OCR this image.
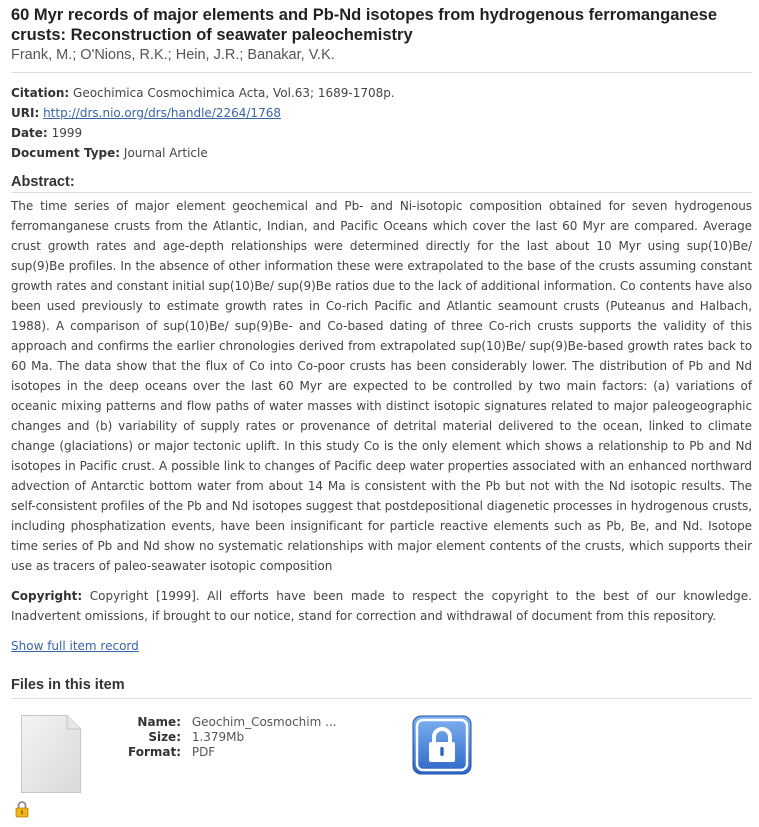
60 Myr records of major elements and Pb-Nd isotopes from hydrogenous ferromanganese crusts: Reconstruction of seawater paleochemistry
Frank, M.; O'Nions, R.K.; Hein, J.R.; Banakar, V.K.
Citation: Geochimica Cosmochimica Acta, Vol.63; 1689-1708p.
URI: http://drs.nio.org/drs/handle/2264/1768
Date: 1999
Document Type: Journal Article
Abstract:
The time series of major element geochemical and Pb- and Ni-isotopic composition obtained for seven hydrogenous ferromanganese crusts from the Atlantic, Indian, and Pacific Oceans which cover the last 60 Myr are compared. Average crust growth rates and age-depth relationships were determined directly for the last about 10 Myr using sup(10)Be/ sup(9)Be profiles. In the absence of other information these were extrapolated to the base of the crusts assuming constant growth rates and constant initial sup(10)Be/ sup(9)Be ratios due to the lack of additional information. Co contents have also been used previously to estimate growth rates in Co-rich Pacific and Atlantic seamount crusts (Puteanus and Halbach, 1988). A comparison of sup(10)Be/ sup(9)Be- and Co-based dating of three Co-rich crusts supports the validity of this approach and confirms the earlier chronologies derived from extrapolated sup(10)Be/ sup(9)Be-based growth rates back to 60 Ma. The data show that the flux of Co into Co-poor crusts has been considerably lower. The distribution of Pb and Nd isotopes in the deep oceans over the last 60 Myr are expected to be controlled by two main factors: (a) variations of oceanic mixing patterns and flow paths of water masses with distinct isotopic signatures related to major paleogeographic changes and (b) variability of supply rates or provenance of detrital material delivered to the ocean, linked to climate change (glaciations) or major tectonic uplift. In this study Co is the only element which shows a relationship to Pb and Nd isotopes in Pacific crust. A possible link to changes of Pacific deep water properties associated with an enhanced northward advection of Antarctic bottom water from about 14 Ma is consistent with the Pb but not with the Nd isotopic results. The self-consistent profiles of the Pb and Nd isotopes suggest that postdepositional diagenetic processes in hydrogenous crusts, including phosphatization events, have been insignificant for particle reactive elements such as Pb, Be, and Nd. Isotope time series of Pb and Nd show no systematic relationships with major element contents of the crusts, which supports their use as tracers of paleo-seawater isotopic composition
Copyright: Copyright [1999]. All efforts have been made to respect the copyright to the best of our knowledge. Inadvertent omissions, if brought to our notice, stand for correction and withdrawal of document from this repository.
Show full item record
Files in this item
Name: Geochim_Cosmochim ...
Size: 1.379Mb
Format: PDF
